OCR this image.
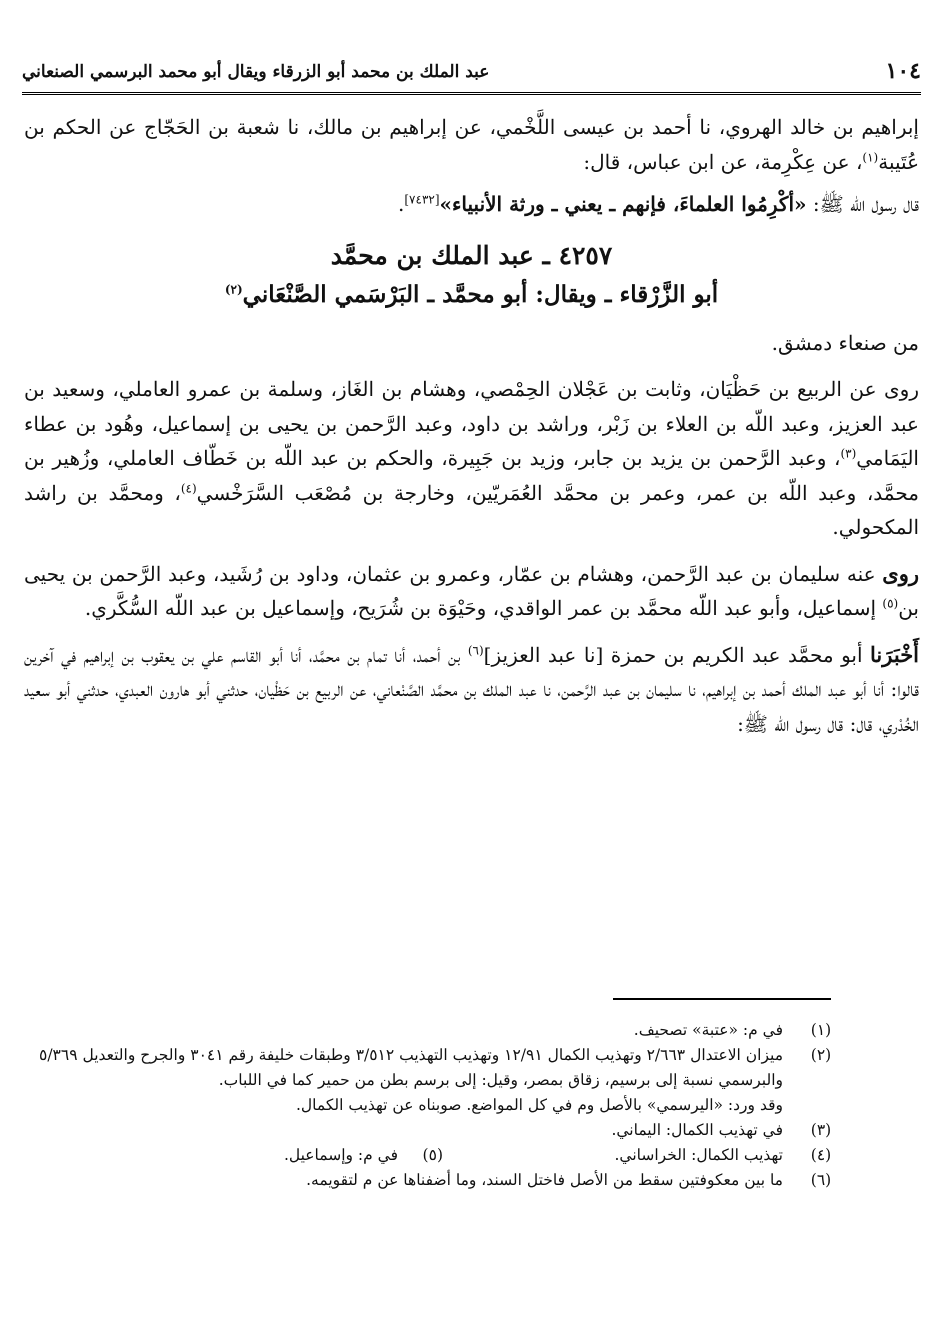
١٠٤
عبد الملك بن محمد أبو الزرقاء ويقال أبو محمد البرسمي الصنعاني

إبراهيم بن خالد الهروي، نا أحمد بن عيسى اللَّخْمي، عن إبراهيم بن مالك، نا شعبة بن الحَجّاج عن الحكم بن عُتَيبة$^{(١)}$، عن عِكْرِمة، عن ابن عباس، قال:

قال رسول الله ﷺ: «أكْرِمُوا العلماءَ، فإنهم ـ يعني ـ ورثة الأنبياء»[٧٤٣٢].

٤٢٥٧ ـ عبد الملك بن محمَّد

أبو الزَّرْقاء ـ ويقال: أبو محمَّد ـ البَرْسَمي الصَّنْعَاني$^{(٢)}$

من صنعاء دمشق.

روى عن الربيع بن حَظْيَان، وثابت بن عَجْلان الحِمْصي، وهشام بن الغَاز، وسلمة بن عمرو العاملي، وسعيد بن عبد العزيز، وعبد اللّه بن العلاء بن زَبْر، وراشد بن داود، وعبد الرَّحمن بن يحيى بن إسماعيل، وهُود بن عطاء اليَمَامي$^{(٣)}$، وعبد الرَّحمن بن يزيد بن جابر، وزيد بن جَبِيرة، والحكم بن عبد اللّه بن خَطّاف العاملي، وزُهير بن محمَّد، وعبد اللّه بن عمر، وعمر بن محمَّد العُمَريّين، وخارجة بن مُصْعَب السَّرَخْسي$^{(٤)}$، ومحمَّد بن راشد المكحولي.

روى عنه سليمان بن عبد الرَّحمن، وهشام بن عمّار، وعمرو بن عثمان، وداود بن رُشَيد، وعبد الرَّحمن بن يحيى بن$^{(٥)}$ إسماعيل، وأبو عبد اللّه محمَّد بن عمر الواقدي، وحَيْوَة بن شُرَيح، وإسماعيل بن عبد اللّه السُّكَّري.

أَخْبَرَنا أبو محمَّد عبد الكريم بن حمزة [نا عبد العزيز]$^{(٦)}$ بن أحمد، أنا تمام بن محمَّد، أنا أبو القاسم علي بن يعقوب بن إبراهيم في آخرين قالوا: أنا أبو عبد الملك أحمد بن إبراهيم، نا سليمان بن عبد الرَّحمن، نا عبد الملك بن محمَّد الصَّنْعاني، عن الربيع بن حَظْيان، حدثني أبو هارون العبدي، حدثني أبو سعيد الخُدْري، قال: قال رسول الله ﷺ:

(١)
في م: «عتبة» تصحيف.
(٢)
ميزان الاعتدال ٢/٦٦٣ وتهذيب الكمال ١٢/٩١ وتهذيب التهذيب ٣/٥١٢ وطبقات خليفة رقم ٣٠٤١ والجرح والتعديل ٥/٣٦٩ والبرسمي نسبة إلى برسيم، زقاق بمصر، وقيل: إلى برسم بطن من حمير كما في اللباب.
وقد ورد: «اليرسمي» بالأصل وم في كل المواضع. صوبناه عن تهذيب الكمال.
(٣)
في تهذيب الكمال: اليماني.
(٤)
تهذيب الكمال: الخراساني.
(٥)
في م: وإسماعيل.
(٦)
ما بين معكوفتين سقط من الأصل فاختل السند، وما أضفناها عن م لتقويمه.
